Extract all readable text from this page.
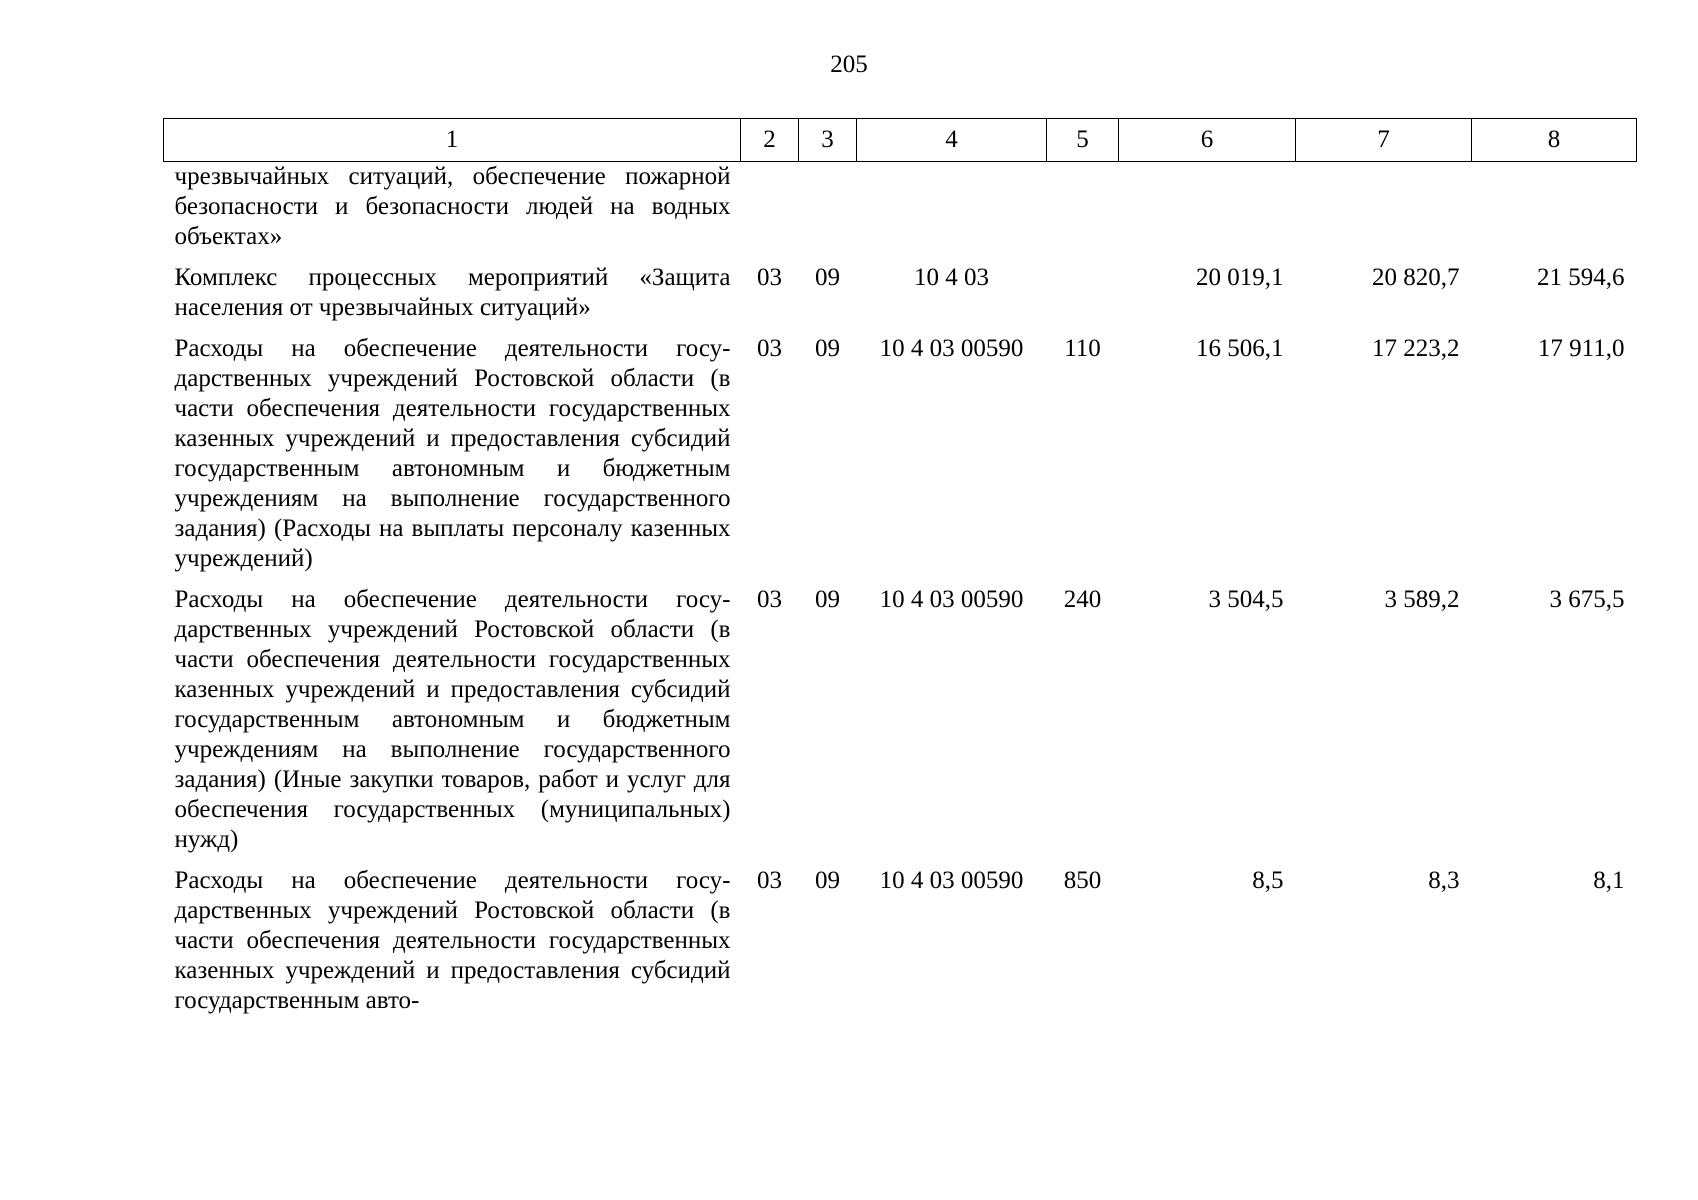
205
1	2	3	4	5	6	7	8
чрезвычайных ситуаций, обеспечение пожарной безопасности и безопасности людей на водных объектах»							
Комплекс процессных мероприятий «Защита населения от чрезвычайных ситуаций»	03	09	10 4 03		20 019,1	20 820,7	21 594,6
Расходы на обеспечение деятельности государственных учреждений Ростовской области (в части обеспечения деятельности государственных казенных учреждений и предоставления субсидий государственным автономным и бюджетным учреждениям на выполнение государственного задания) (Расходы на выплаты персоналу казенных учреждений)	03	09	10 4 03 00590	110	16 506,1	17 223,2	17 911,0
Расходы на обеспечение деятельности государственных учреждений Ростовской области (в части обеспечения деятельности государственных казенных учреждений и предоставления субсидий государственным автономным и бюджетным учреждениям на выполнение государственного задания) (Иные закупки товаров, работ и услуг для обеспечения государственных (муниципальных) нужд)	03	09	10 4 03 00590	240	3 504,5	3 589,2	3 675,5
Расходы на обеспечение деятельности государственных учреждений Ростовской области (в части обеспечения деятельности государственных казенных учреждений и предоставления субсидий государственным авто-	03	09	10 4 03 00590	850	8,5	8,3	8,1
